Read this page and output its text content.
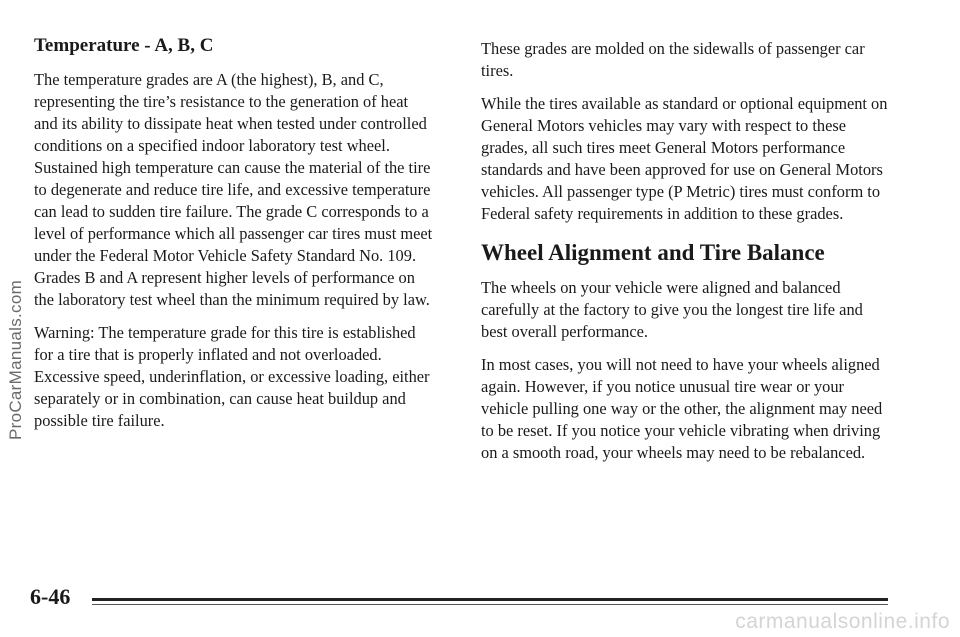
Temperature - A, B, C

The temperature grades are A (the highest), B, and C, representing the tire’s resistance to the generation of heat and its ability to dissipate heat when tested under controlled conditions on a specified indoor laboratory test wheel. Sustained high temperature can cause the material of the tire to degenerate and reduce tire life, and excessive temperature can lead to sudden tire failure. The grade C corresponds to a level of performance which all passenger car tires must meet under the Federal Motor Vehicle Safety Standard No. 109. Grades B and A represent higher levels of performance on the laboratory test wheel than the minimum required by law.

Warning: The temperature grade for this tire is established for a tire that is properly inflated and not overloaded. Excessive speed, underinflation, or excessive loading, either separately or in combination, can cause heat buildup and possible tire failure.

These grades are molded on the sidewalls of passenger car tires.

While the tires available as standard or optional equipment on General Motors vehicles may vary with respect to these grades, all such tires meet General Motors performance standards and have been approved for use on General Motors vehicles. All passenger type (P Metric) tires must conform to Federal safety requirements in addition to these grades.

Wheel Alignment and Tire Balance

The wheels on your vehicle were aligned and balanced carefully at the factory to give you the longest tire life and best overall performance.

In most cases, you will not need to have your wheels aligned again. However, if you notice unusual tire wear or your vehicle pulling one way or the other, the alignment may need to be reset. If you notice your vehicle vibrating when driving on a smooth road, your wheels may need to be rebalanced.

6-46
ProCarManuals.com
carmanualsonline.info
